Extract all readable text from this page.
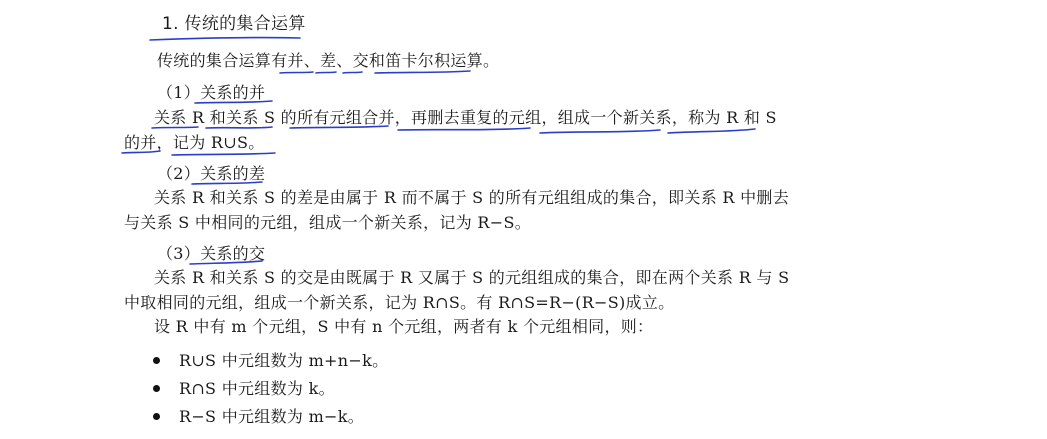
1. 传统的集合运算
传统的集合运算有并、差、交和笛卡尔积运算。
（1）关系的并
关系 R 和关系 S 的所有元组合并，再删去重复的元组，组成一个新关系，称为 R 和 S
的并，记为 R∪S。
（2）关系的差
关系 R 和关系 S 的差是由属于 R 而不属于 S 的所有元组组成的集合，即关系 R 中删去
与关系 S 中相同的元组，组成一个新关系，记为 R−S。
（3）关系的交
关系 R 和关系 S 的交是由既属于 R 又属于 S 的元组组成的集合，即在两个关系 R 与 S
中取相同的元组，组成一个新关系，记为 R∩S。有 R∩S=R−(R−S)成立。
设 R 中有 m 个元组，S 中有 n 个元组，两者有 k 个元组相同，则：
R∪S 中元组数为 m+n−k。
R∩S 中元组数为 k。
R−S 中元组数为 m−k。
